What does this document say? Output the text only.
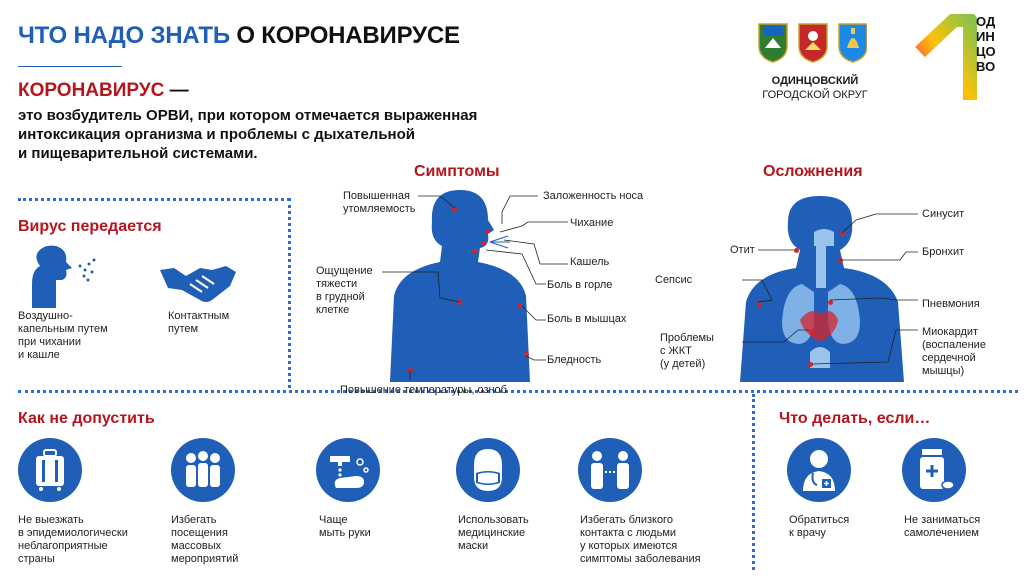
ЧТО НАДО ЗНАТЬ О КОРОНАВИРУСЕ
КОРОНАВИРУС —
это возбудитель ОРВИ, при котором отмечается выраженная
интоксикация организма и проблемы с дыхательной
и пищеварительной системами.
ОДИНЦОВСКИЙ
ГОРОДСКОЙ ОКРУГ
ОД
ИН
ЦО
ВО
Вирус передается
Воздушно-
капельным путем
при чихании
и кашле
Контактным
путем
Симптомы
Повышенная
утомляемость
Заложенность носа
Чихание
Кашель
Боль в горле
Ощущение
тяжести
в грудной
клетке
Боль в мышцах
Бледность
Повышение температуры, озноб
Осложнения
Синусит
Отит	Бронхит
Сепсис
Пневмония
Проблемы
с ЖКТ
(у детей)
Миокардит
(воспаление
сердечной
мышцы)
Как не допустить
Не выезжать
в эпидемиологически
неблагоприятные
страны
Избегать
посещения
массовых
мероприятий
Чаще
мыть руки
Использовать
медицинские
маски
Избегать близкого
контакта с людьми
у которых имеются
симптомы заболевания
Что делать, если…
Обратиться
к врачу
Не заниматься
самолечением
